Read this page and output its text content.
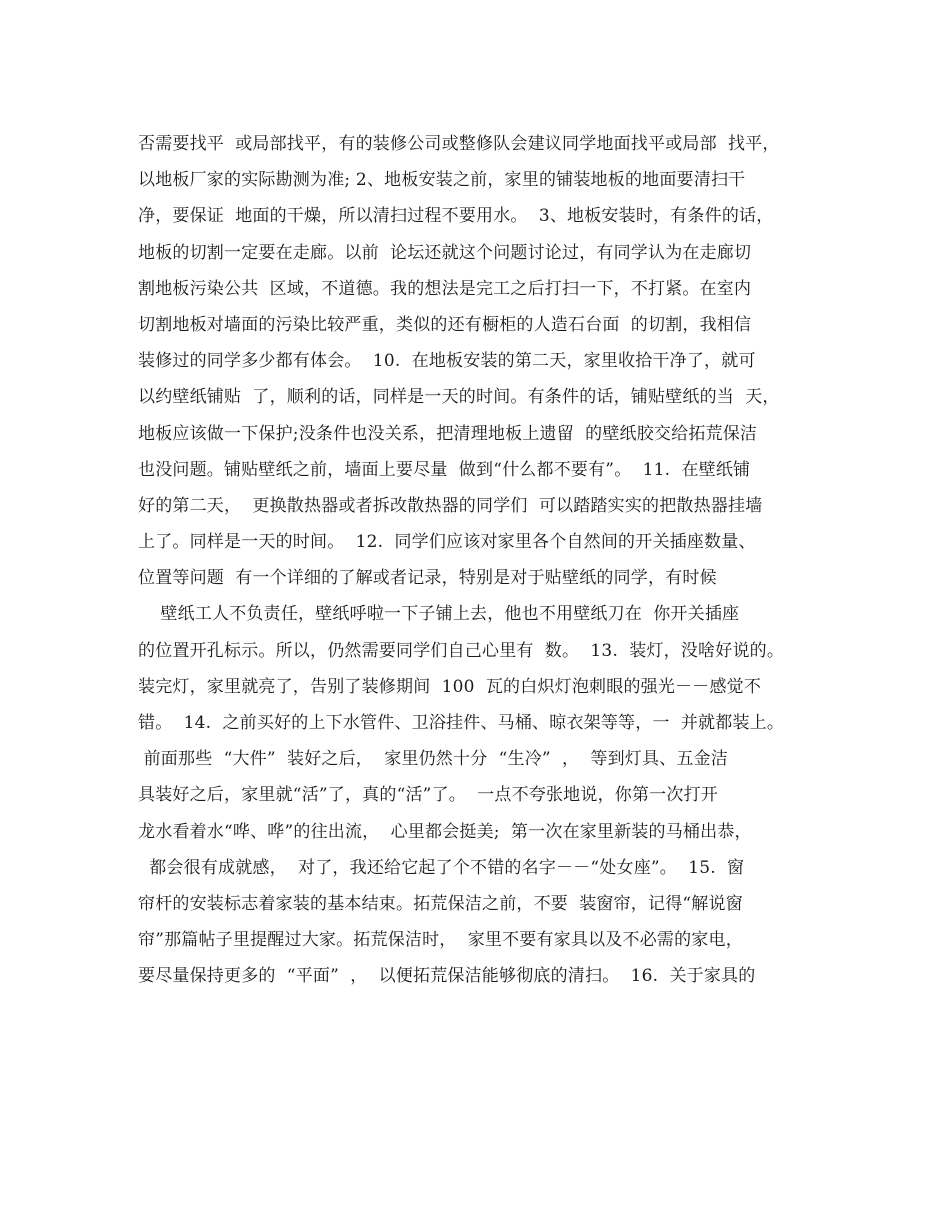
否需要找平  或局部找平，有的装修公司或整修队会建议同学地面找平或局部  找平，
以地板厂家的实际勘测为准; 2、地板安装之前，家里的铺装地板的地面要清扫干
净，要保证  地面的干燥，所以清扫过程不要用水。  3、地板安装时，有条件的话，
地板的切割一定要在走廊。以前  论坛还就这个问题讨论过，有同学认为在走廊切
割地板污染公共  区域，不道德。我的想法是完工之后打扫一下，不打紧。在室内
切割地板对墙面的污染比较严重，类似的还有橱柜的人造石台面  的切割，我相信
装修过的同学多少都有体会。  10.  在地板安装的第二天，家里收拾干净了，就可
以约壁纸铺贴  了，顺利的话，同样是一天的时间。有条件的话，铺贴壁纸的当  天，
地板应该做一下保护;没条件也没关系，把清理地板上遗留  的壁纸胶交给拓荒保洁
也没问题。铺贴壁纸之前，墙面上要尽量  做到“什么都不要有”。  11.  在壁纸铺
好的第二天，  更换散热器或者拆改散热器的同学们  可以踏踏实实的把散热器挂墙
上了。同样是一天的时间。  12.  同学们应该对家里各个自然间的开关插座数量、
位置等问题  有一个详细的了解或者记录，特别是对于贴壁纸的同学，有时候
壁纸工人不负责任，壁纸呼啦一下子铺上去，他也不用壁纸刀在  你开关插座
的位置开孔标示。所以，仍然需要同学们自己心里有  数。  13.  装灯，没啥好说的。
装完灯，家里就亮了，告别了装修期间  100  瓦的白炽灯泡刺眼的强光－－感觉不
错。  14.  之前买好的上下水管件、卫浴挂件、马桶、晾衣架等等，一  并就都装上。
前面那些  “大件”  装好之后，  家里仍然十分  “生冷”  ，  等到灯具、五金洁
具装好之后，家里就“活”了，真的“活”了。  一点不夸张地说，你第一次打开
龙水看着水“哗、哗”的往出流，  心里都会挺美;  第一次在家里新装的马桶出恭，
都会很有成就感，  对了，我还给它起了个不错的名字－－“处女座”。  15.  窗
帘杆的安装标志着家装的基本结束。拓荒保洁之前，不要  装窗帘，记得“解说窗
帘”那篇帖子里提醒过大家。拓荒保洁时，  家里不要有家具以及不必需的家电，
要尽量保持更多的  “平面”  ，  以便拓荒保洁能够彻底的清扫。  16.  关于家具的
